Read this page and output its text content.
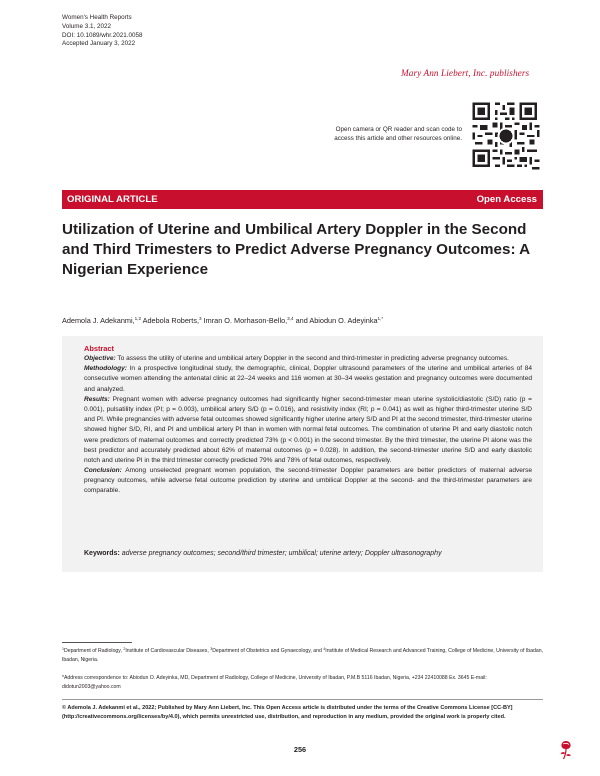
Women's Health Reports
Volume 3.1, 2022
DOI: 10.1089/whr.2021.0058
Accepted January 3, 2022
Mary Ann Liebert, Inc. publishers
Open camera or QR reader and scan code to access this article and other resources online.
ORIGINAL ARTICLE	Open Access
Utilization of Uterine and Umbilical Artery Doppler in the Second and Third Trimesters to Predict Adverse Pregnancy Outcomes: A Nigerian Experience
Ademola J. Adekanmi,$^{1,2}$ Adebola Roberts,$^3$ Imran O. Morhason-Bello,$^{3,4}$ and Abiodun O. Adeyinka$^{1,*}$
Abstract

Objective: To assess the utility of uterine and umbilical artery Doppler in the second and third-trimester in predicting adverse pregnancy outcomes.

Methodology: In a prospective longitudinal study, the demographic, clinical, Doppler ultrasound parameters of the uterine and umbilical arteries of 84 consecutive women attending the antenatal clinic at 22–24 weeks and 116 women at 30–34 weeks gestation and pregnancy outcomes were documented and analyzed.

Results: Pregnant women with adverse pregnancy outcomes had significantly higher second-trimester mean uterine systolic/diastolic (S/D) ratio (p = 0.001), pulsatility index (PI; p = 0.003), umbilical artery S/D (p = 0.016), and resistivity index (RI; p = 0.041) as well as higher third-trimester uterine S/D and PI. While pregnancies with adverse fetal outcomes showed significantly higher uterine artery S/D and PI at the second trimester, third-trimester uterine showed higher S/D, RI, and PI and umbilical artery PI than in women with normal fetal outcomes. The combination of uterine PI and early diastolic notch were predictors of maternal outcomes and correctly predicted 73% (p < 0.001) in the second trimester. By the third trimester, the uterine PI alone was the best predictor and accurately predicted about 62% of maternal outcomes (p = 0.028). In addition, the second-trimester uterine S/D and early diastolic notch and uterine PI in the third trimester correctly predicted 79% and 78% of fetal outcomes, respectively.

Conclusion: Among unselected pregnant women population, the second-trimester Doppler parameters are better predictors of maternal adverse pregnancy outcomes, while adverse fetal outcome prediction by uterine and umbilical Doppler at the second- and the third-trimester parameters are comparable.

Keywords: adverse pregnancy outcomes; second/third trimester; umbilical; uterine artery; Doppler ultrasonography
$^1$Department of Radiology, $^2$Institute of Cardiovascular Diseases, $^3$Department of Obstetrics and Gynaecology, and $^4$Institute of Medical Research and Advanced Training, College of Medicine, University of Ibadan, Ibadan, Nigeria.
*Address correspondence to: Abiodun O. Adeyinka, MD, Department of Radiology, College of Medicine, University of Ibadan, P.M.B 5116 Ibadan, Nigeria, +234 22410088 Ex. 3645 E-mail: didotun2003@yahoo.com
© Ademola J. Adekanmi et al., 2022; Published by Mary Ann Liebert, Inc. This Open Access article is distributed under the terms of the Creative Commons License [CC-BY] (http://creativecommons.org/licenses/by/4.0), which permits unrestricted use, distribution, and reproduction in any medium, provided the original work is properly cited.
256
